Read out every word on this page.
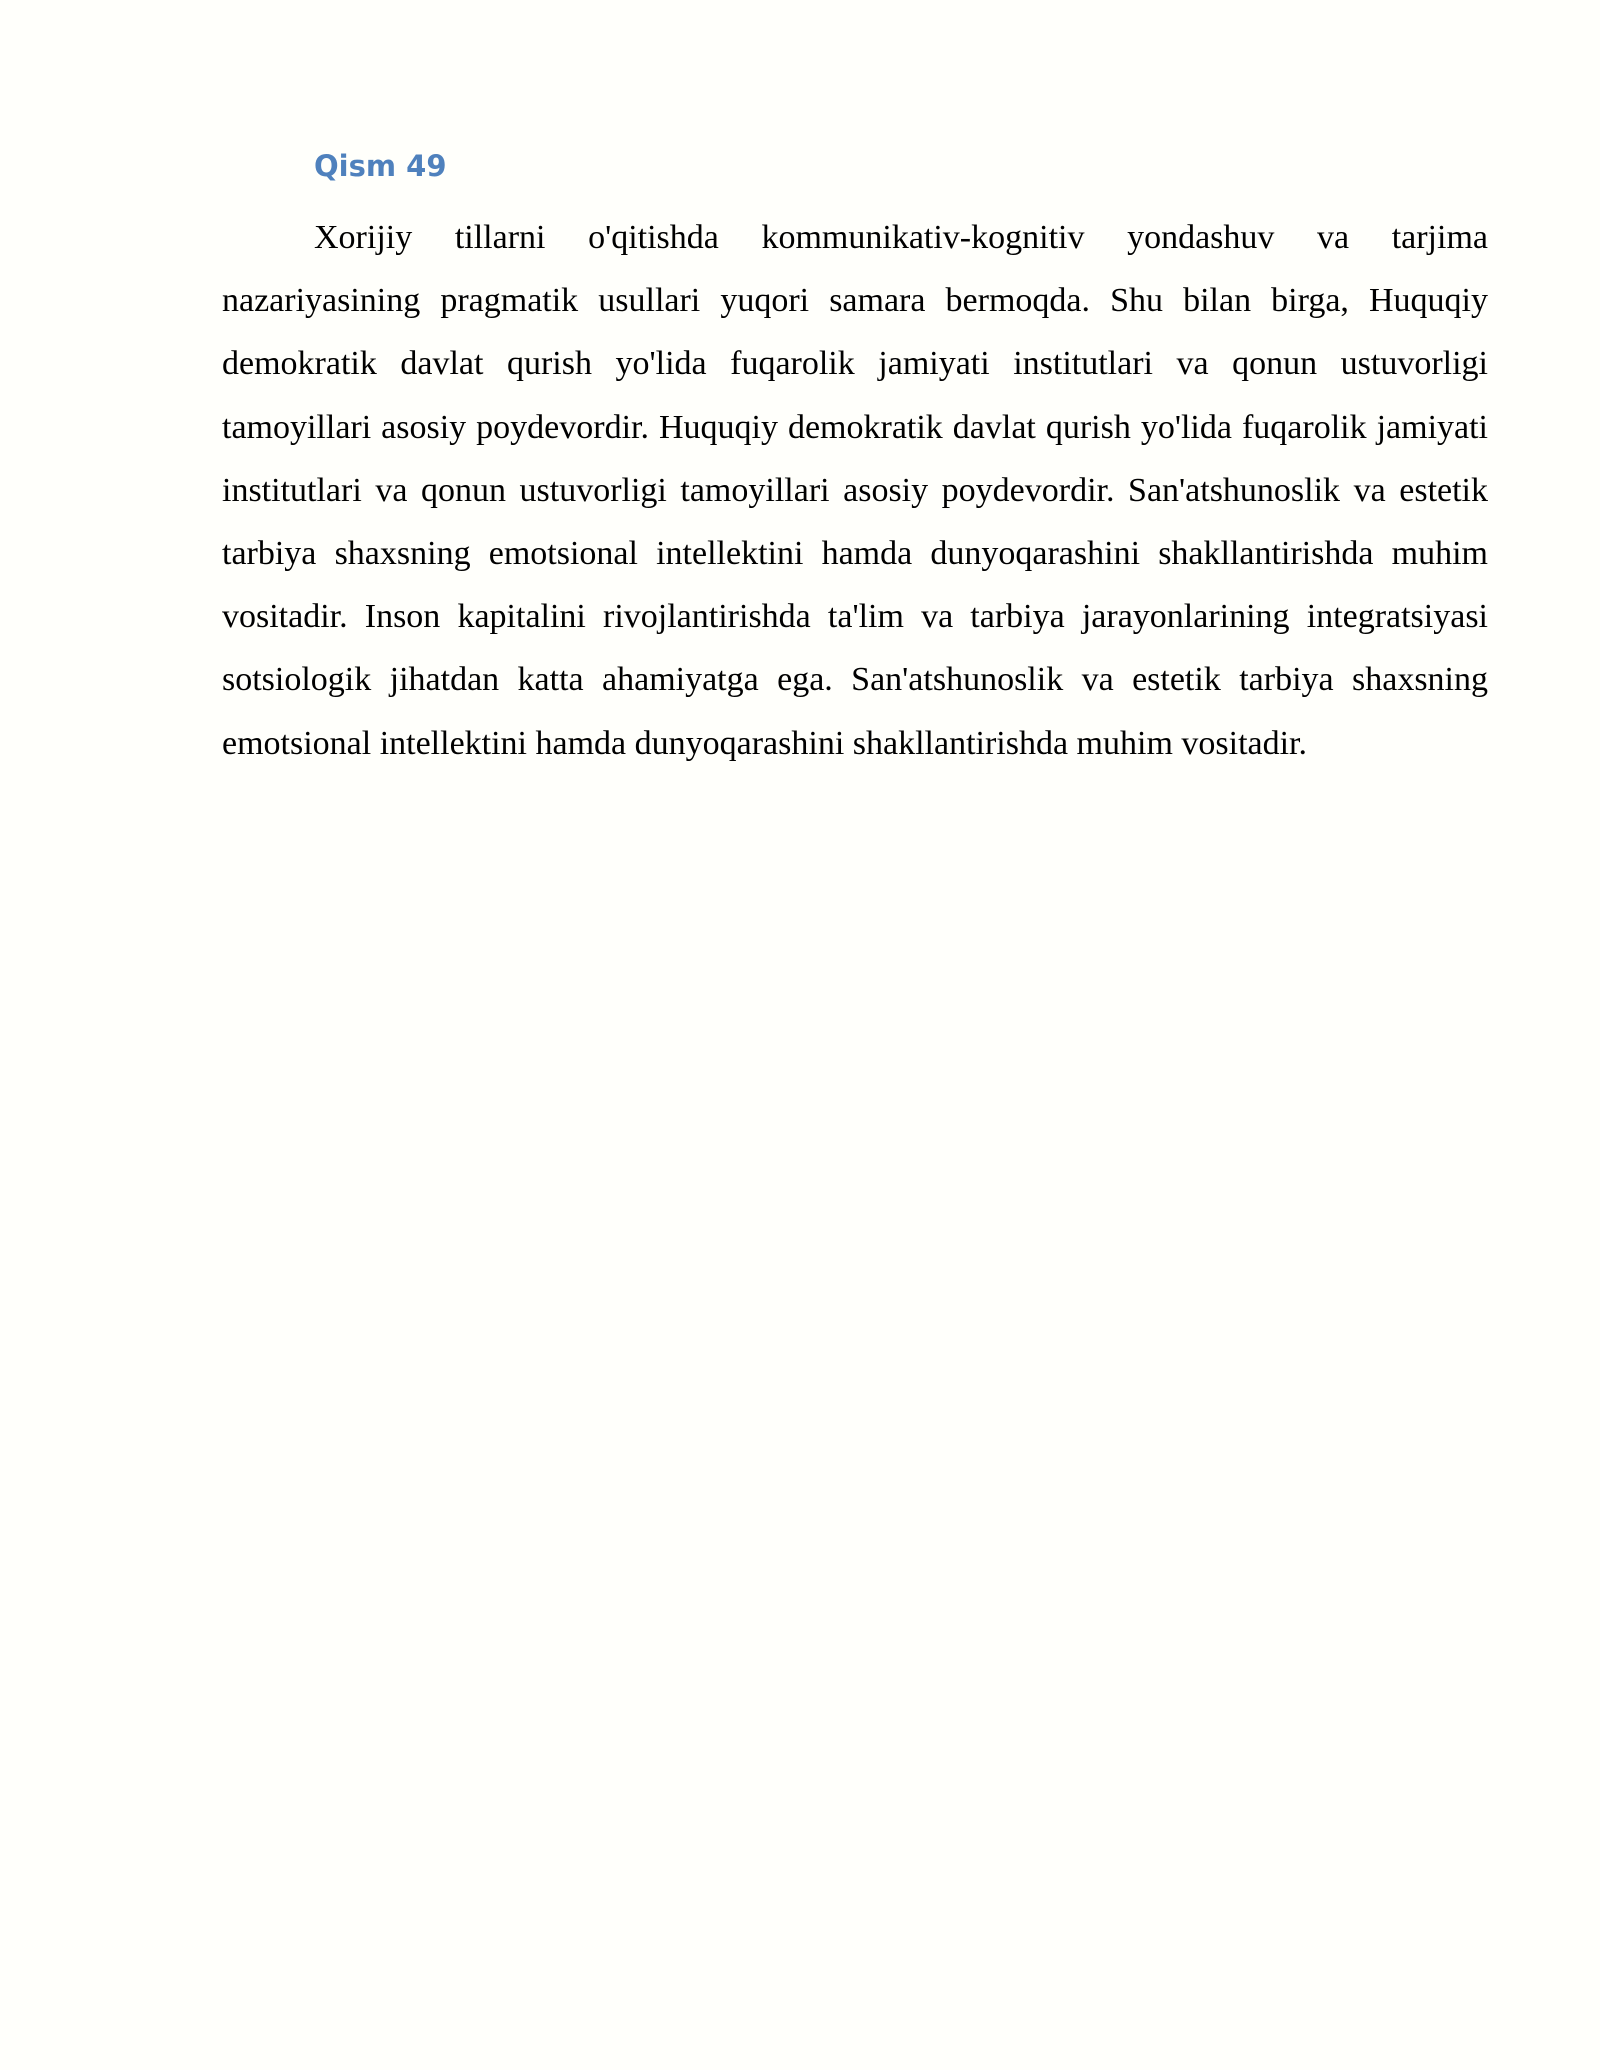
Qism 49

Xorijiy tillarni o'qitishda kommunikativ-kognitiv yondashuv va tarjima nazariyasining pragmatik usullari yuqori samara bermoqda. Shu bilan birga, Huquqiy demokratik davlat qurish yo'lida fuqarolik jamiyati institutlari va qonun ustuvorligi tamoyillari asosiy poydevordir. Huquqiy demokratik davlat qurish yo'lida fuqarolik jamiyati institutlari va qonun ustuvorligi tamoyillari asosiy poydevordir. San'atshunoslik va estetik tarbiya shaxsning emotsional intellektini hamda dunyoqarashini shakllantirishda muhim vositadir. Inson kapitalini rivojlantirishda ta'lim va tarbiya jarayonlarining integratsiyasi sotsiologik jihatdan katta ahamiyatga ega. San'atshunoslik va estetik tarbiya shaxsning emotsional intellektini hamda dunyoqarashini shakllantirishda muhim vositadir.
